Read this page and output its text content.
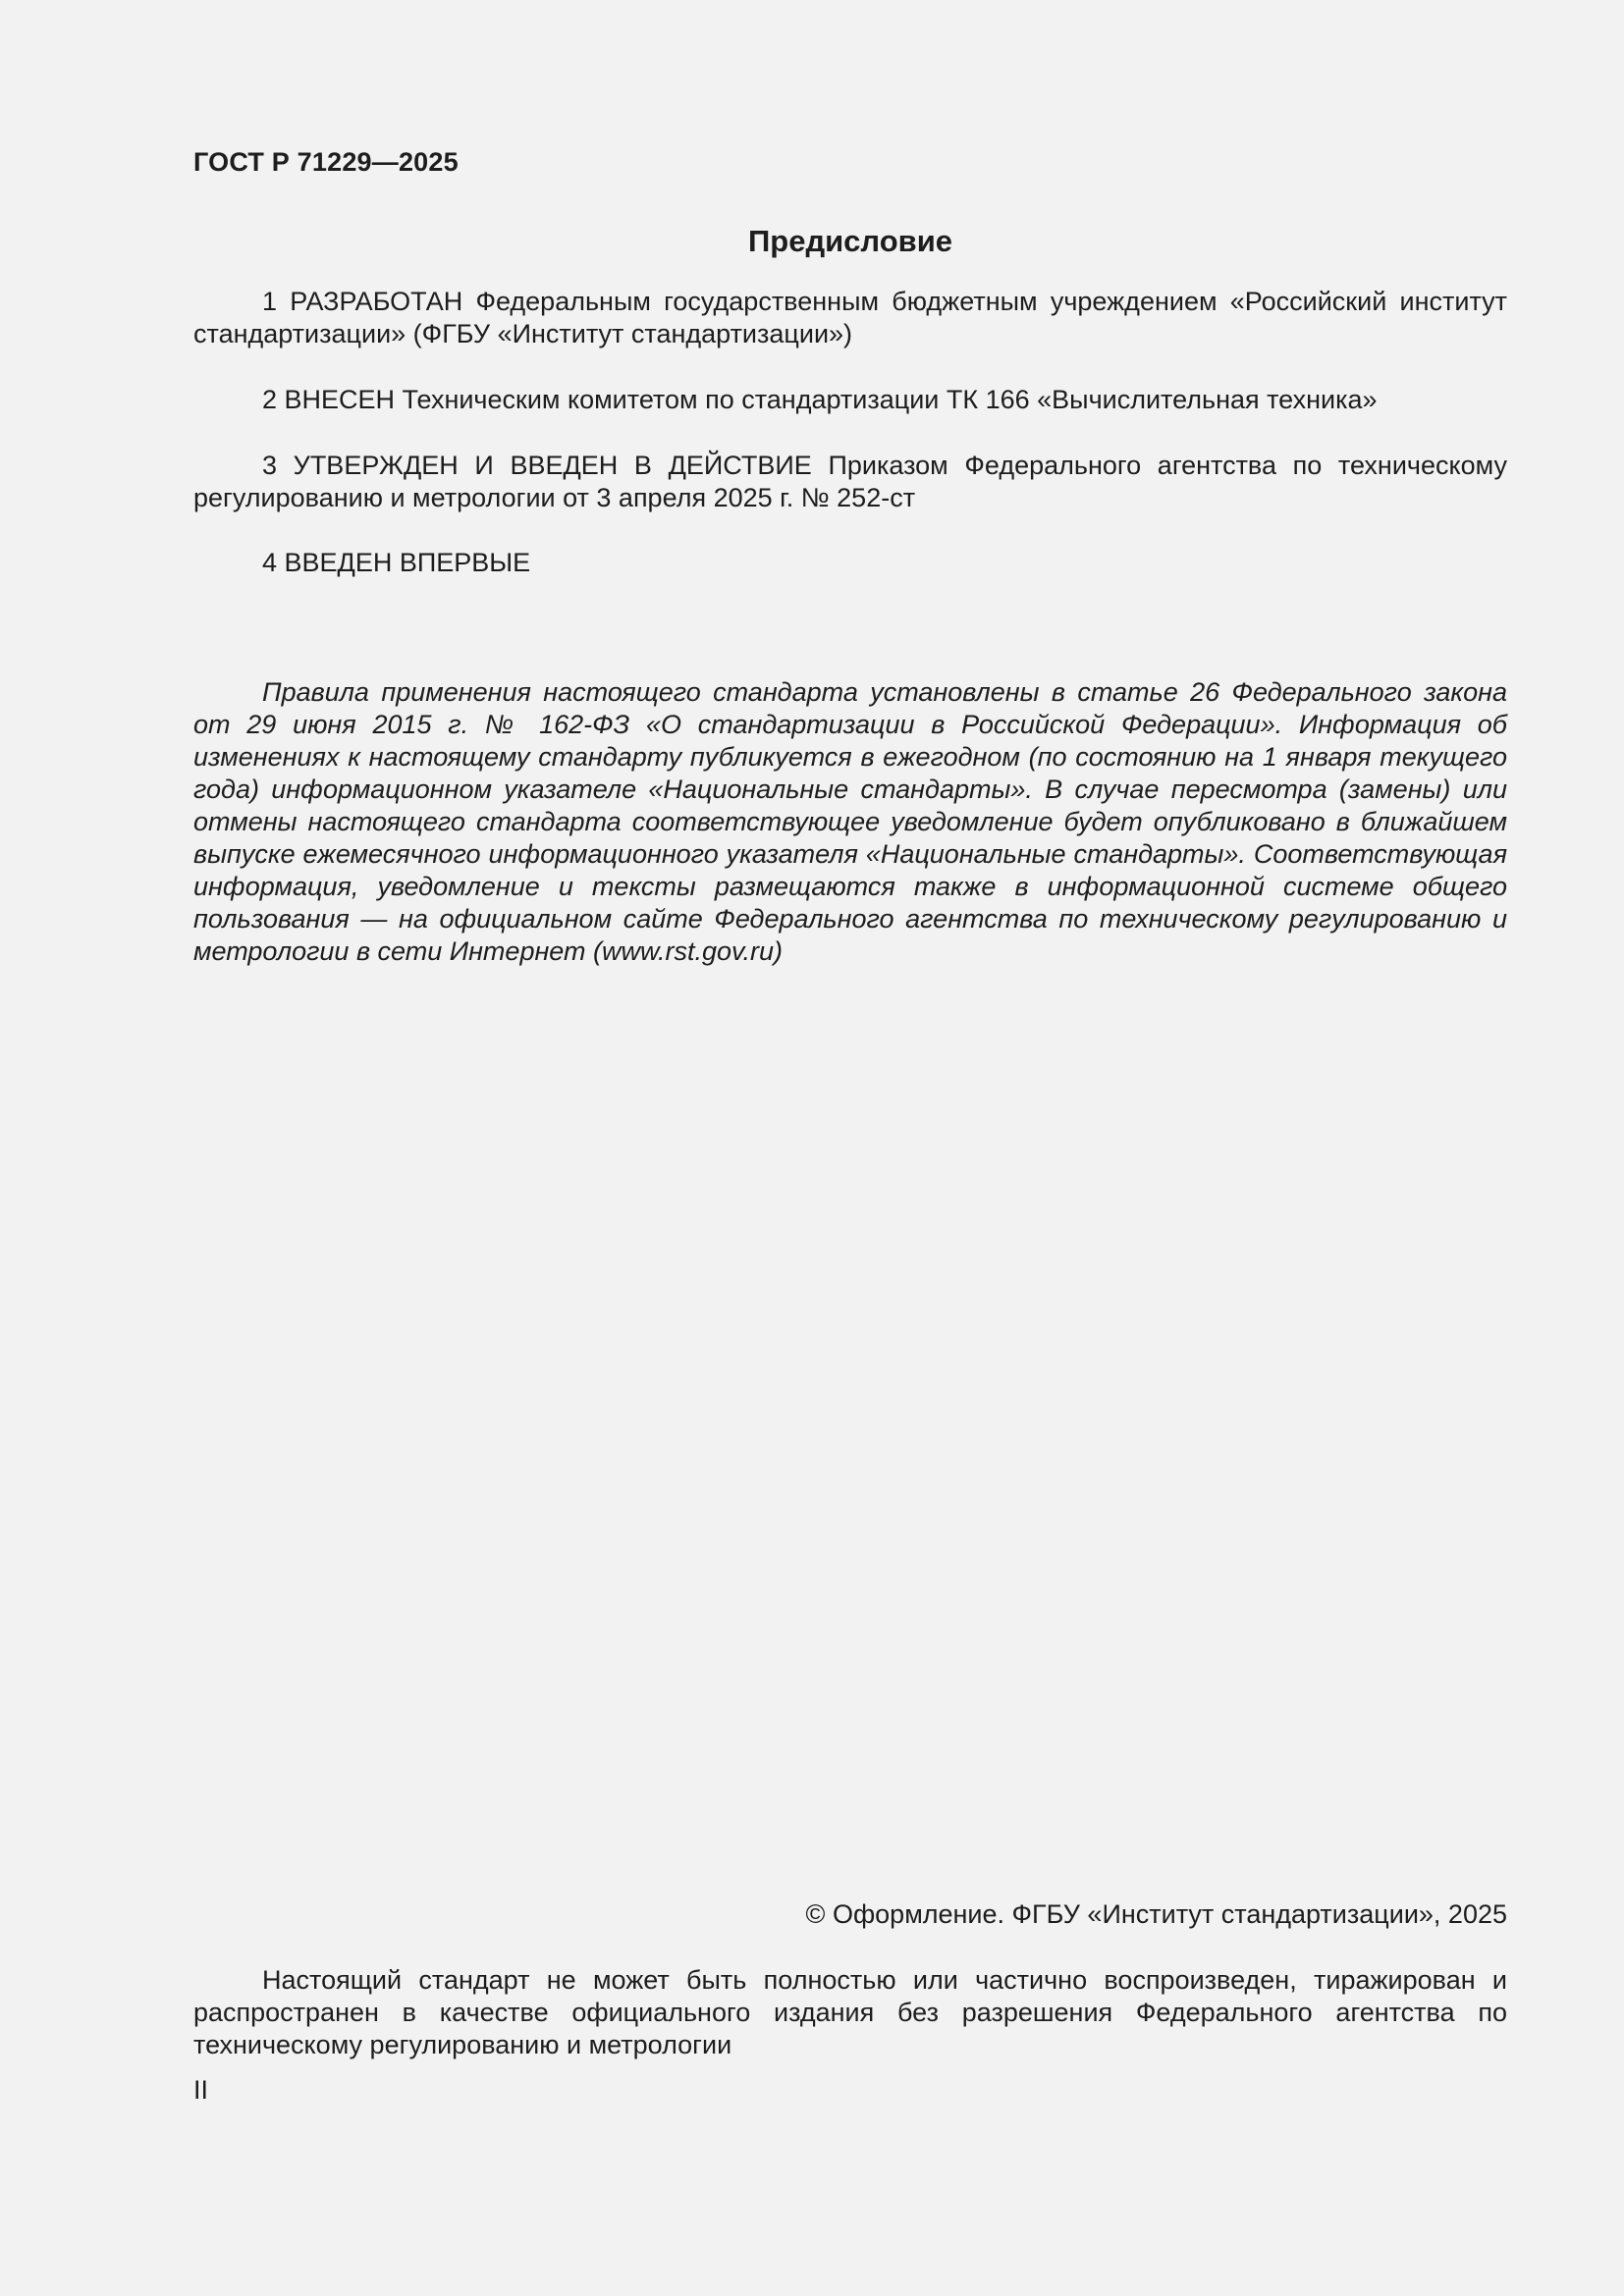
ГОСТ Р 71229—2025
Предисловие

1 РАЗРАБОТАН Федеральным государственным бюджетным учреждением «Российский институт стандартизации» (ФГБУ «Институт стандартизации»)

2 ВНЕСЕН Техническим комитетом по стандартизации ТК 166 «Вычислительная техника»

3 УТВЕРЖДЕН И ВВЕДЕН В ДЕЙСТВИЕ Приказом Федерального агентства по техническому регулированию и метрологии от 3 апреля 2025 г. № 252-ст

4 ВВЕДЕН ВПЕРВЫЕ

Правила применения настоящего стандарта установлены в статье 26 Федерального закона от 29 июня 2015 г. № 162-ФЗ «О стандартизации в Российской Федерации». Информация об изменениях к настоящему стандарту публикуется в ежегодном (по состоянию на 1 января текущего года) информационном указателе «Национальные стандарты». В случае пересмотра (замены) или отмены настоящего стандарта соответствующее уведомление будет опубликовано в ближайшем выпуске ежемесячного информационного указателя «Национальные стандарты». Соответствующая информация, уведомление и тексты размещаются также в информационной системе общего пользования — на официальном сайте Федерального агентства по техническому регулированию и метрологии в сети Интернет (www.rst.gov.ru)

© Оформление. ФГБУ «Институт стандартизации», 2025

Настоящий стандарт не может быть полностью или частично воспроизведен, тиражирован и распространен в качестве официального издания без разрешения Федерального агентства по техническому регулированию и метрологии

II
